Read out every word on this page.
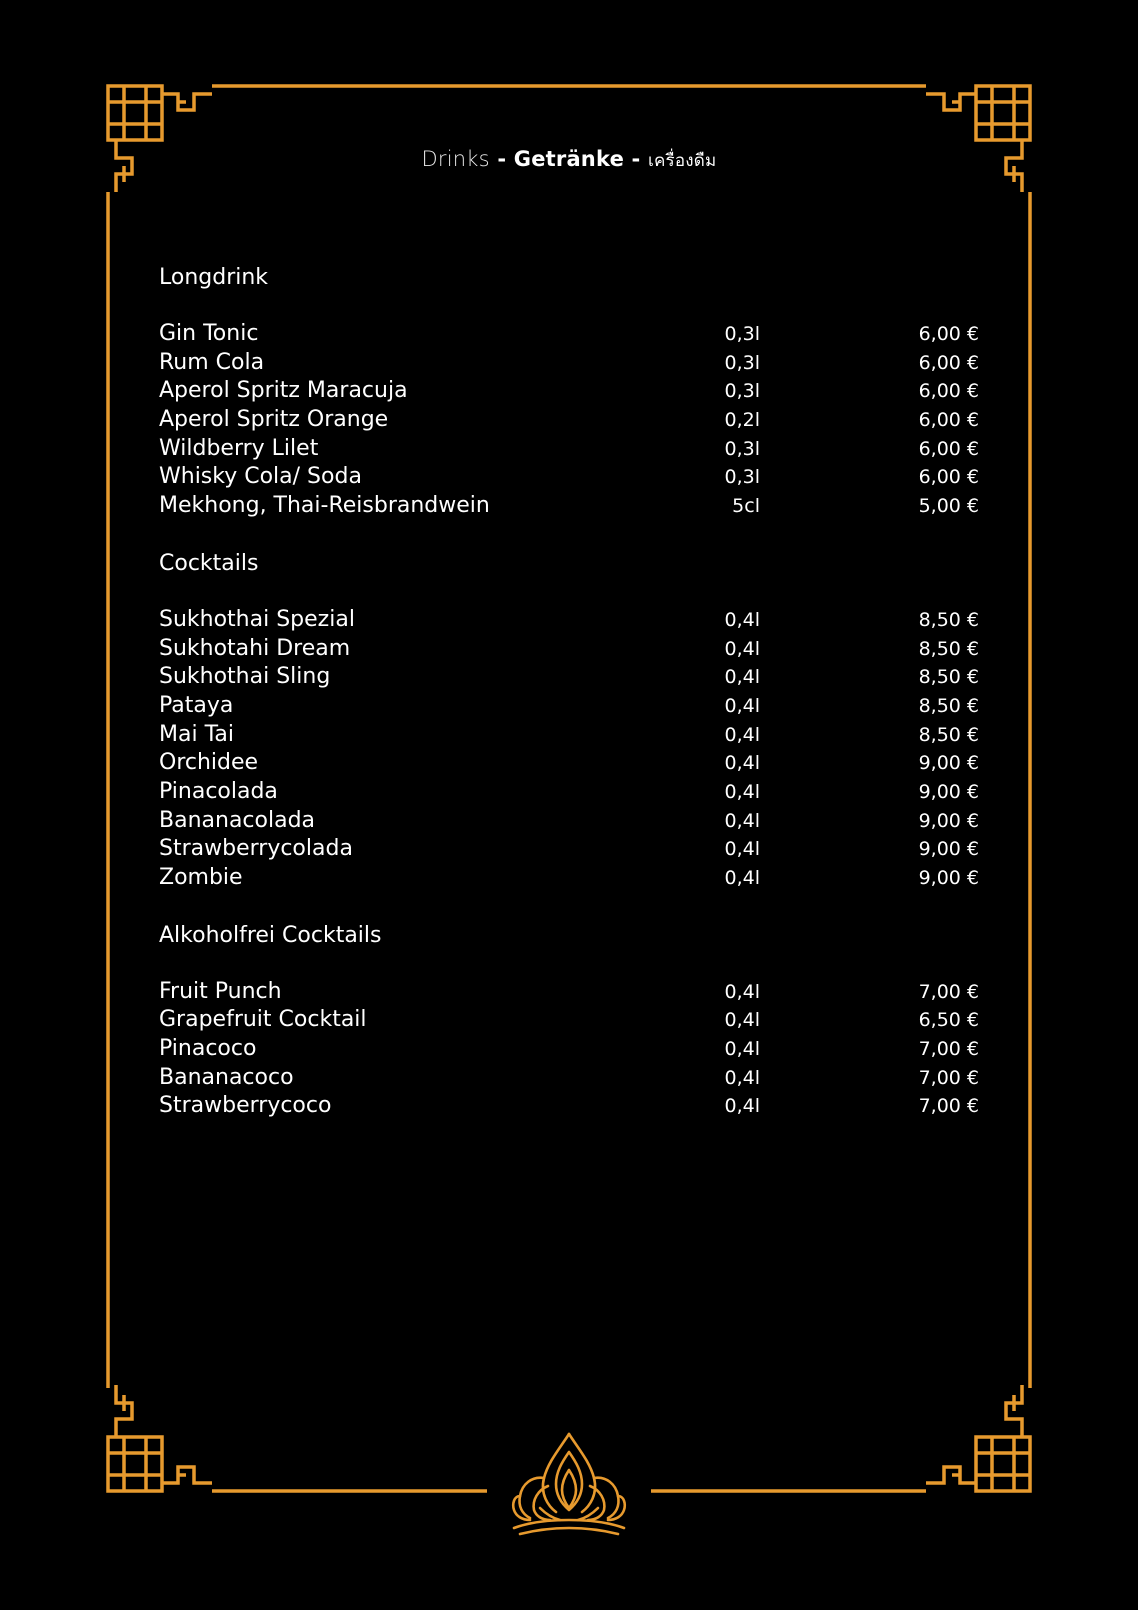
Drinks - Getränke - เครื่องดืม
Longdrink
Gin Tonic	0,3l	6,00 €
Rum Cola	0,3l	6,00 €
Aperol Spritz Maracuja	0,3l	6,00 €
Aperol Spritz Orange	0,2l	6,00 €
Wildberry Lilet	0,3l	6,00 €
Whisky Cola/ Soda	0,3l	6,00 €
Mekhong, Thai-Reisbrandwein	5cl	5,00 €
Cocktails
Sukhothai Spezial	0,4l	8,50 €
Sukhotahi Dream	0,4l	8,50 €
Sukhothai Sling	0,4l	8,50 €
Pataya	0,4l	8,50 €
Mai Tai	0,4l	8,50 €
Orchidee	0,4l	9,00 €
Pinacolada	0,4l	9,00 €
Bananacolada	0,4l	9,00 €
Strawberrycolada	0,4l	9,00 €
Zombie	0,4l	9,00 €
Alkoholfrei Cocktails
Fruit Punch	0,4l	7,00 €
Grapefruit Cocktail	0,4l	6,50 €
Pinacoco	0,4l	7,00 €
Bananacoco	0,4l	7,00 €
Strawberrycoco	0,4l	7,00 €
